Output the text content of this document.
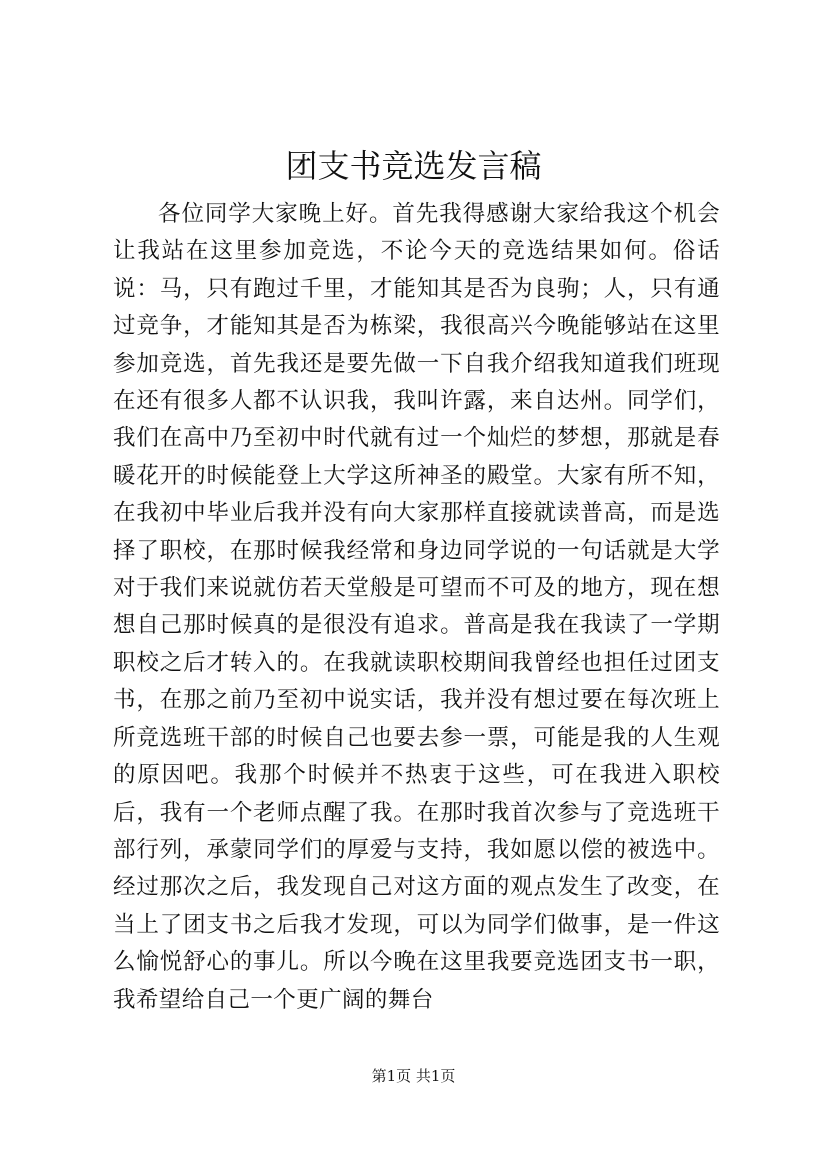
团支书竞选发言稿

各位同学大家晚上好。首先我得感谢大家给我这个机会让我站在这里参加竞选，不论今天的竞选结果如何。俗话说：马，只有跑过千里，才能知其是否为良驹；人，只有通过竞争，才能知其是否为栋梁，我很高兴今晚能够站在这里参加竞选，首先我还是要先做一下自我介绍我知道我们班现在还有很多人都不认识我，我叫许露，来自达州。同学们，我们在高中乃至初中时代就有过一个灿烂的梦想，那就是春暖花开的时候能登上大学这所神圣的殿堂。大家有所不知，在我初中毕业后我并没有向大家那样直接就读普高，而是选择了职校，在那时候我经常和身边同学说的一句话就是大学对于我们来说就仿若天堂般是可望而不可及的地方，现在想想自己那时候真的是很没有追求。普高是我在我读了一学期职校之后才转入的。在我就读职校期间我曾经也担任过团支书，在那之前乃至初中说实话，我并没有想过要在每次班上所竞选班干部的时候自己也要去参一票，可能是我的人生观的原因吧。我那个时候并不热衷于这些，可在我进入职校后，我有一个老师点醒了我。在那时我首次参与了竞选班干部行列，承蒙同学们的厚爱与支持，我如愿以偿的被选中。经过那次之后，我发现自己对这方面的观点发生了改变，在当上了团支书之后我才发现，可以为同学们做事，是一件这么愉悦舒心的事儿。所以今晚在这里我要竞选团支书一职，我希望给自己一个更广阔的舞台

第1页 共1页
